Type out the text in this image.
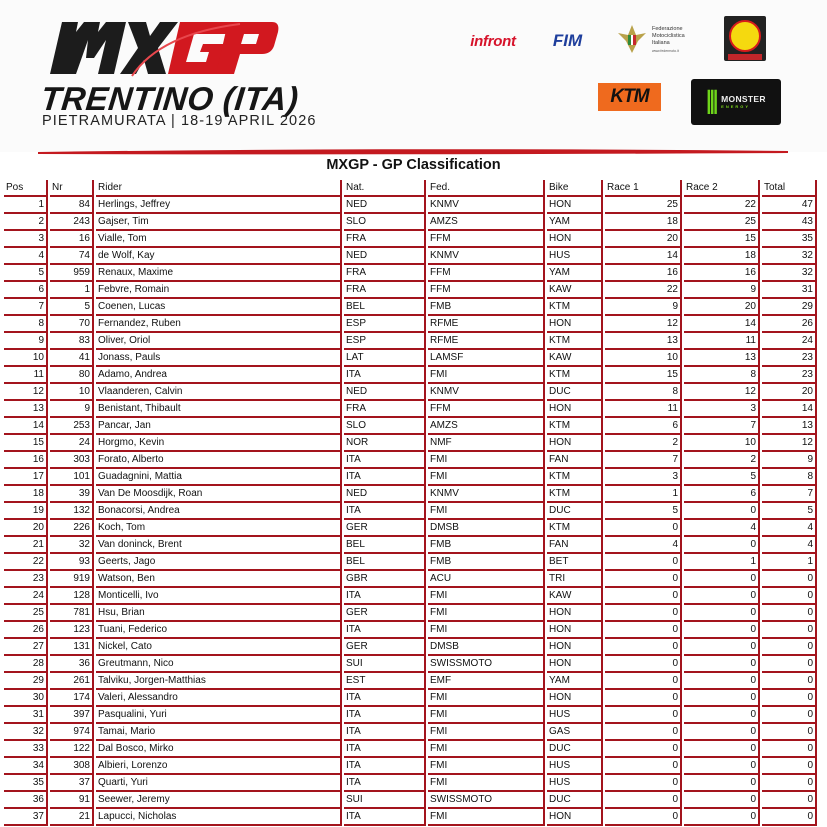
TRENTINO (ITA)
PIETRAMURATA | 18-19 APRIL 2026
infront	FIM
Federazione
Motociclistica
Italiana
www.federmoto.it
KTM	⫼ MONSTER
ENERGY
MXGP - GP Classification
Pos	Nr	Rider	Nat.	Fed.	Bike	Race 1	Race 2	Total
1	84 Herlings, Jeffrey	NED	KNMV	HON	25	22	47
2	243 Gajser, Tim	SLO	AMZS	YAM	18	25	43
3	16 Vialle, Tom	FRA	FFM	HON	20	15	35
4	74 de Wolf, Kay	NED	KNMV	HUS	14	18	32
5	959 Renaux, Maxime	FRA	FFM	YAM	16	16	32
6	1 Febvre, Romain	FRA	FFM	KAW	22	9	31
7	5 Coenen, Lucas	BEL	FMB	KTM	9	20	29
8	70 Fernandez, Ruben	ESP	RFME	HON	12	14	26
9	83 Oliver, Oriol	ESP	RFME	KTM	13	11	24
10	41 Jonass, Pauls	LAT	LAMSF	KAW	10	13	23
11	80 Adamo, Andrea	ITA	FMI	KTM	15	8	23
12	10 Vlaanderen, Calvin	NED	KNMV	DUC	8	12	20
13	9 Benistant, Thibault	FRA	FFM	HON	11	3	14
14	253 Pancar, Jan	SLO	AMZS	KTM	6	7	13
15	24 Horgmo, Kevin	NOR	NMF	HON	2	10	12
16	303 Forato, Alberto	ITA	FMI	FAN	7	2	9
17	101 Guadagnini, Mattia	ITA	FMI	KTM	3	5	8
18	39 Van De Moosdijk, Roan	NED	KNMV	KTM	1	6	7
19	132 Bonacorsi, Andrea	ITA	FMI	DUC	5	0	5
20	226 Koch, Tom	GER	DMSB	KTM	0	4	4
21	32 Van doninck, Brent	BEL	FMB	FAN	4	0	4
22	93 Geerts, Jago	BEL	FMB	BET	0	1	1
23	919 Watson, Ben	GBR	ACU	TRI	0	0	0
24	128 Monticelli, Ivo	ITA	FMI	KAW	0	0	0
25	781 Hsu, Brian	GER	FMI	HON	0	0	0
26	123 Tuani, Federico	ITA	FMI	HON	0	0	0
27	131 Nickel, Cato	GER	DMSB	HON	0	0	0
28	36 Greutmann, Nico	SUI	SWISSMOTO	HON	0	0	0
29	261 Talviku, Jorgen-Matthias	EST	EMF	YAM	0	0	0
30	174 Valeri, Alessandro	ITA	FMI	HON	0	0	0
31	397 Pasqualini, Yuri	ITA	FMI	HUS	0	0	0
32	974 Tamai, Mario	ITA	FMI	GAS	0	0	0
33	122 Dal Bosco, Mirko	ITA	FMI	DUC	0	0	0
34	308 Albieri, Lorenzo	ITA	FMI	HUS	0	0	0
35	37 Quarti, Yuri	ITA	FMI	HUS	0	0	0
36	91 Seewer, Jeremy	SUI	SWISSMOTO	DUC	0	0	0
37	21 Lapucci, Nicholas	ITA	FMI	HON	0	0	0
